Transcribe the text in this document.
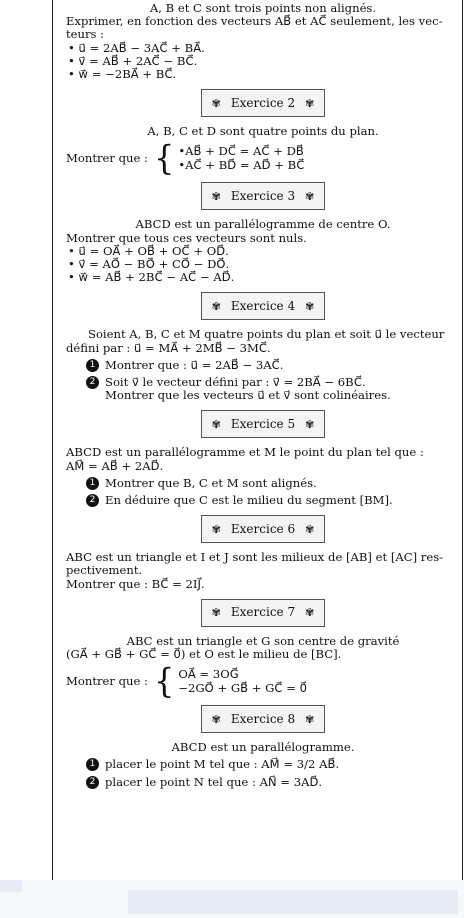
A, B et C sont trois points non alignés.

Exprimer, en fonction des vecteurs AB⃗ et AC⃗ seulement, les vec-

teurs :

• u⃗ = 2AB⃗ − 3AC⃗ + BA⃗.

• v⃗ = AB⃗ + 2AC⃗ − BC⃗.

• w⃗ = −2BA⃗ + BC⃗.

✾ Exercice 2 ✾

A, B, C et D sont quatre points du plan.

Montrer que : { •AB⃗ + DC⃗ = AC⃗ + DB⃗
•AC⃗ + BD⃗ = AD⃗ + BC⃗
✾ Exercice 3 ✾

ABCD est un parallélogramme de centre O.

Montrer que tous ces vecteurs sont nuls.

• u⃗ = OA⃗ + OB⃗ + OC⃗ + OD⃗.

• v⃗ = AO⃗ − BO⃗ + CO⃗ − DO⃗.

• w⃗ = AB⃗ + 2BC⃗ − AC⃗ − AD⃗.

✾ Exercice 4 ✾

Soient A, B, C et M quatre points du plan et soit u⃗ le vecteur

défini par : u⃗ = MA⃗ + 2MB⃗ − 3MC⃗.

1 Montrer que : u⃗ = 2AB⃗ − 3AC⃗.
2 Soit v⃗ le vecteur défini par : v⃗ = 2BA⃗ − 6BC⃗.

Montrer que les vecteurs u⃗ et v⃗ sont colinéaires.

✾ Exercice 5 ✾

ABCD est un parallélogramme et M le point du plan tel que :

AM⃗ = AB⃗ + 2AD⃗.

1 Montrer que B, C et M sont alignés.
2 En déduire que C est le milieu du segment [BM].
✾ Exercice 6 ✾

ABC est un triangle et I et J sont les milieux de [AB] et [AC] res-

pectivement.

Montrer que : BC⃗ = 2IJ⃗.

✾ Exercice 7 ✾

ABC est un triangle et G son centre de gravité

(GA⃗ + GB⃗ + GC⃗ = 0⃗) et O est le milieu de [BC].

Montrer que : { OA⃗ = 3OG⃗
−2GO⃗ + GB⃗ + GC⃗ = 0⃗
✾ Exercice 8 ✾

ABCD est un parallélogramme.

1 placer le point M tel que : AM⃗ = 3/2 AB⃗.
2 placer le point N tel que : AN⃗ = 3AD⃗.
